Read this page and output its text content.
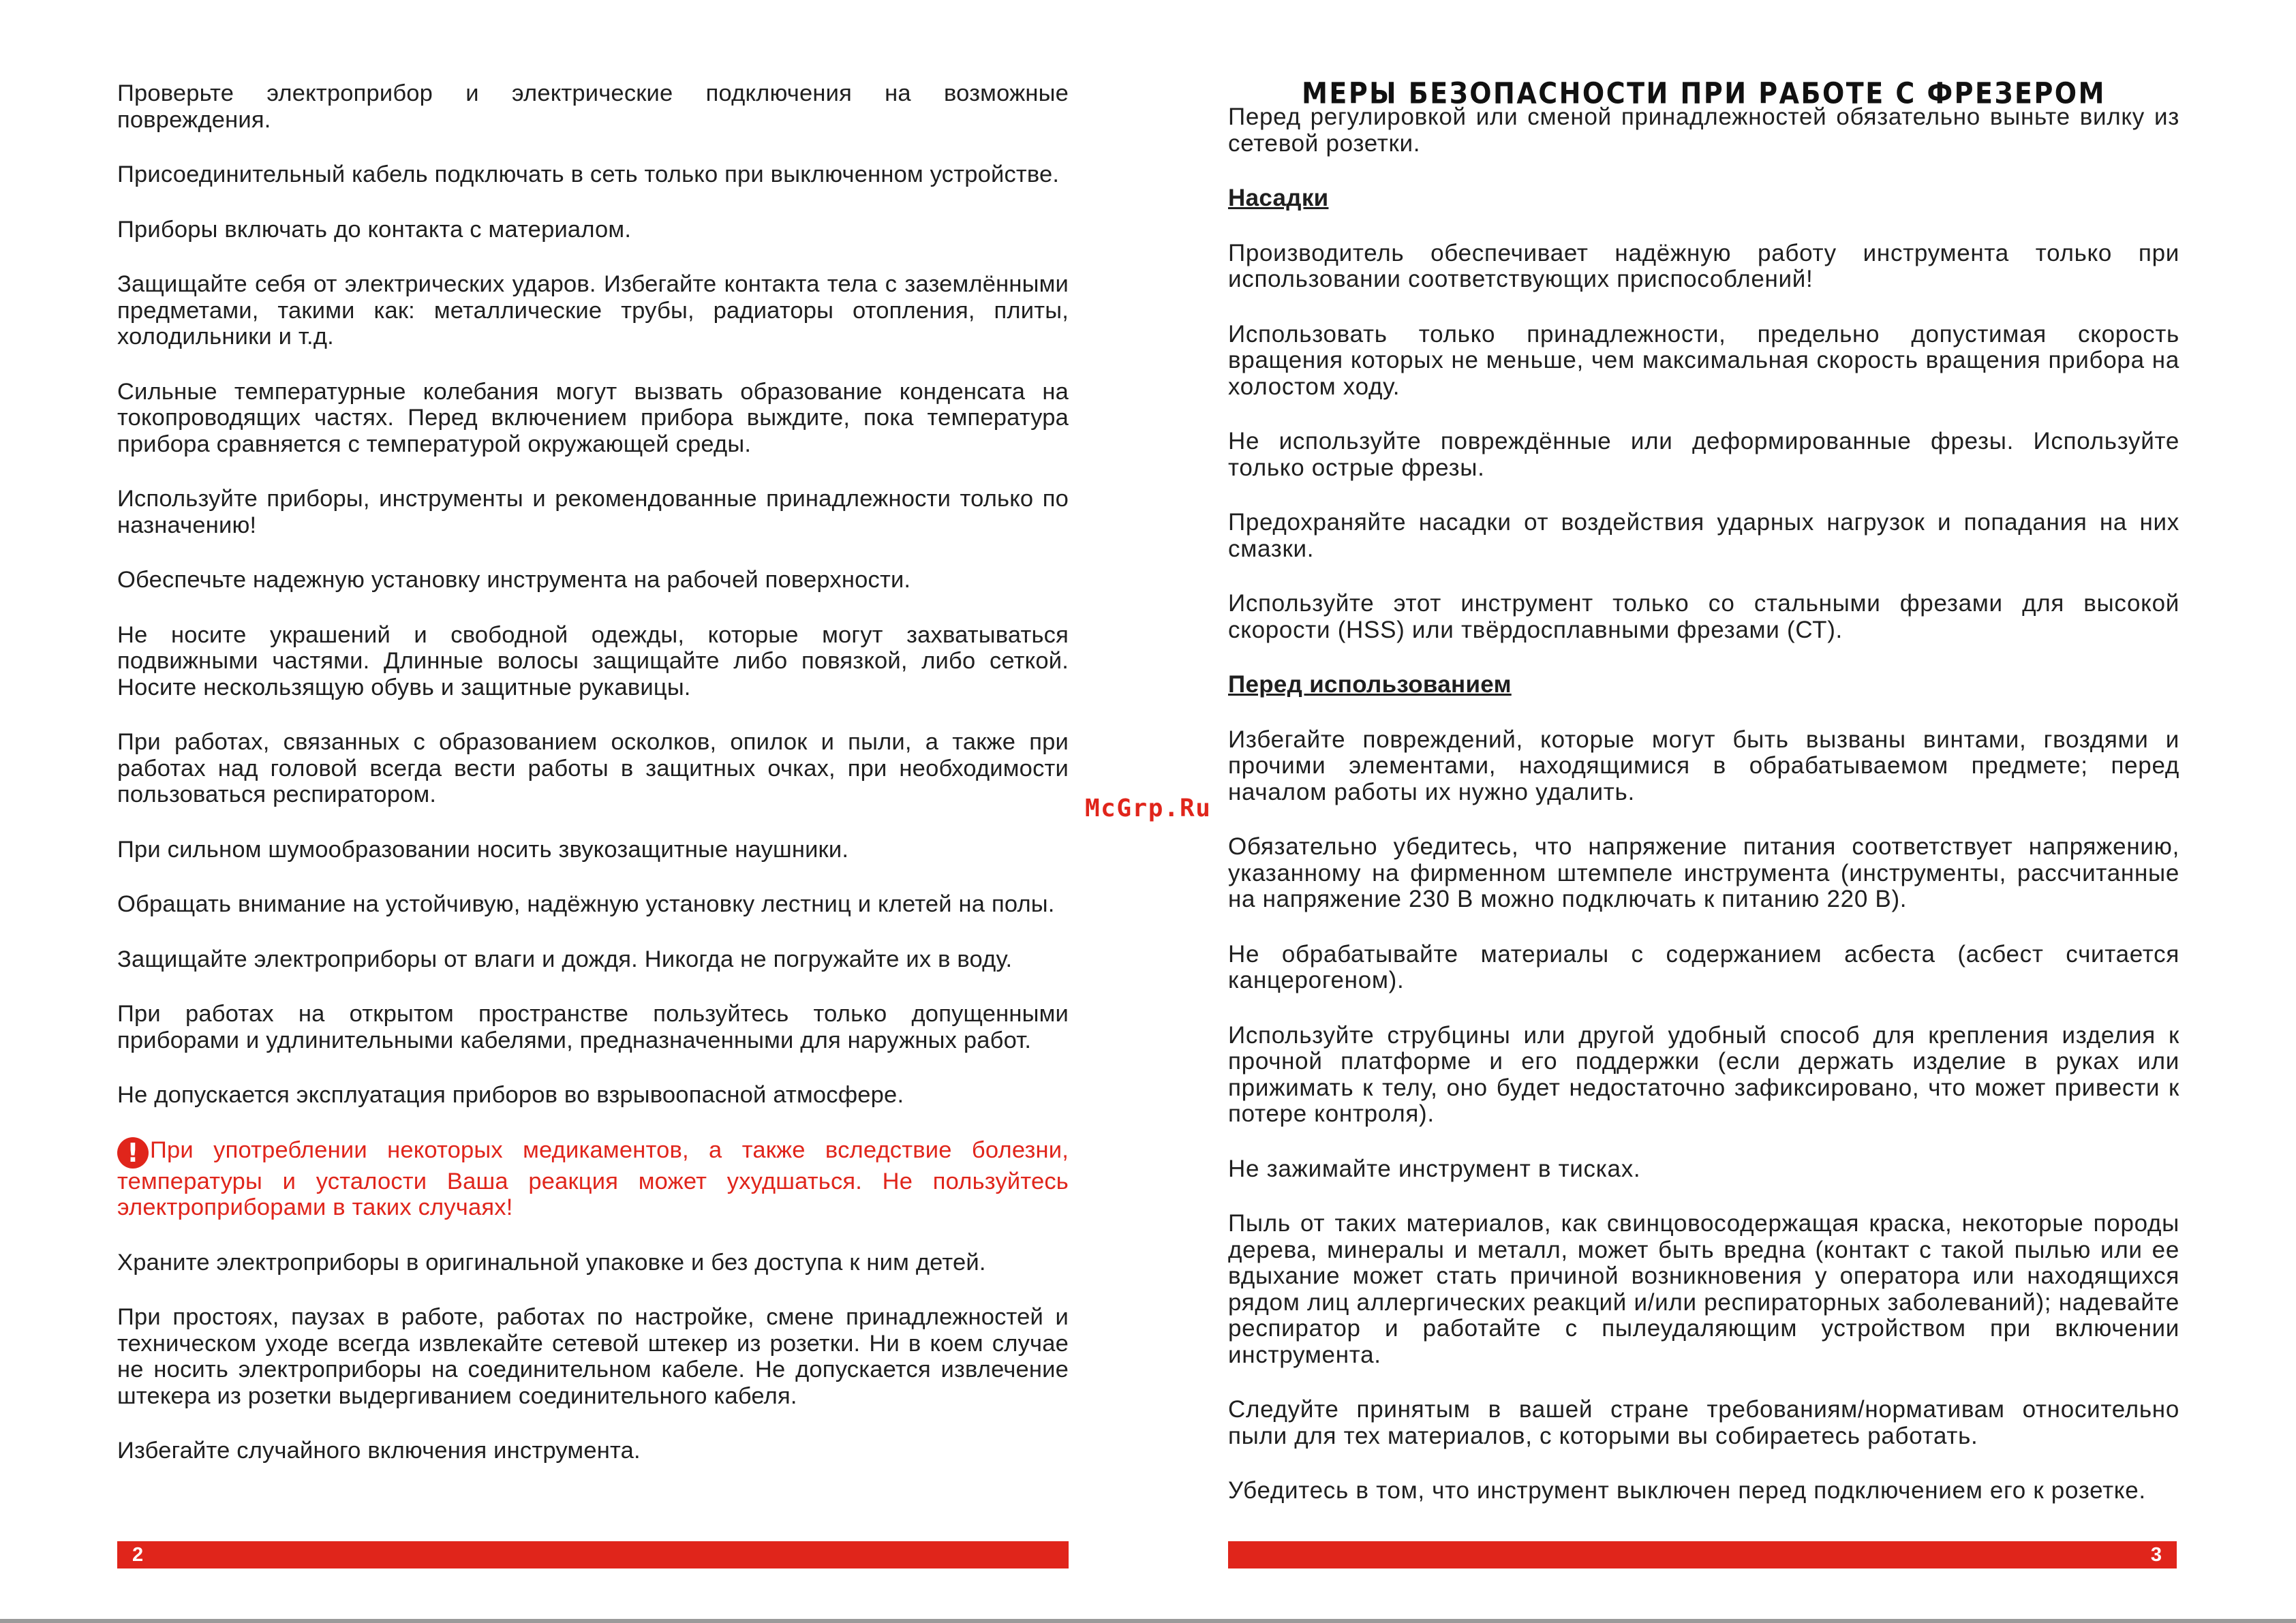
Проверьте электроприбор и электрические подключения на возможные повреждения.

Присоединительный кабель подключать в сеть только при выключенном устройстве.

Приборы включать до контакта с материалом.

Защищайте себя от электрических ударов. Избегайте контакта тела с заземлёнными предметами, такими как: металлические трубы, радиаторы отопления, плиты, холодильники и т.д.

Сильные температурные колебания могут вызвать образование конденсата на токопроводящих частях. Перед включением прибора выждите, пока температура прибора сравняется с температурой окружающей среды.

Используйте приборы, инструменты и рекомендованные принадлежности только по назначению!

Обеспечьте надежную установку инструмента на рабочей поверхности.

Не носите украшений и свободной одежды, которые могут захватываться подвижными частями. Длинные волосы защищайте либо повязкой, либо сеткой. Носите нескользящую обувь и защитные рукавицы.

При работах, связанных с образованием осколков, опилок и пыли, а также при работах над головой всегда вести работы в защитных очках, при необходимости пользоваться респиратором.

При сильном шумообразовании носить звукозащитные наушники.

Обращать внимание на устойчивую, надёжную установку лестниц и клетей на полы.

Защищайте электроприборы от влаги и дождя. Никогда не погружайте их в воду.

При работах на открытом пространстве пользуйтесь только допущенными приборами и удлинительными кабелями, предназначенными для наружных работ.

Не допускается эксплуатация приборов во взрывоопасной атмосфере.

! При употреблении некоторых медикаментов, а также вследствие болезни, температуры и усталости Ваша реакция может ухудшаться. Не пользуйтесь электроприборами в таких случаях!

Храните электроприборы в оригинальной упаковке и без доступа к ним детей.

При простоях, паузах в работе, работах по настройке, смене принадлежностей и техническом уходе всегда извлекайте сетевой штекер из розетки. Ни в коем случае не носить электроприборы на соединительном кабеле. Не допускается извлечение штекера из розетки выдергиванием соединительного кабеля.

Избегайте случайного включения инструмента.

МЕРЫ БЕЗОПАСНОСТИ ПРИ РАБОТЕ С ФРЕЗЕРОМ

Перед регулировкой или сменой принадлежностей обязательно выньте вилку из сетевой розетки.

Насадки

Производитель обеспечивает надёжную работу инструмента только при использовании соответствующих приспособлений!

Использовать только принадлежности, предельно допустимая скорость вращения которых не меньше, чем максимальная скорость вращения прибора на холостом ходу.

Не используйте повреждённые или деформированные фрезы. Используйте только острые фрезы.

Предохраняйте насадки от воздействия ударных нагрузок и попадания на них смазки.

Используйте этот инструмент только со стальными фрезами для высокой скорости (HSS) или твёрдосплавными фрезами (СТ).

Перед использованием

Избегайте повреждений, которые могут быть вызваны винтами, гвоздями и прочими элементами, находящимися в обрабатываемом предмете; перед началом работы их нужно удалить.

Обязательно убедитесь, что напряжение питания соответствует напряжению, указанному на фирменном штемпеле инструмента (инструменты, рассчитанные на напряжение 230 В можно подключать к питанию 220 В).

Не обрабатывайте материалы с содержанием асбеста (асбест считается канцерогеном).

Используйте струбцины или другой удобный способ для крепления изделия к прочной платформе и его поддержки (если держать изделие в руках или прижимать к телу, оно будет недостаточно зафиксировано, что может привести к потере контроля).

Не зажимайте инструмент в тисках.

Пыль от таких материалов, как свинцовосодержащая краска, некоторые породы дерева, минералы и металл, может быть вредна (контакт с такой пылью или ее вдыхание может стать причиной возникновения у оператора или находящихся рядом лиц аллергических реакций и/или респираторных заболеваний); надевайте респиратор и работайте с пылеудаляющим устройством при включении инструмента.

Следуйте принятым в вашей стране требованиям/нормативам относительно пыли для тех материалов, с которыми вы собираетесь работать.

Убедитесь в том, что инструмент выключен перед подключением его к розетке.

McGrp.Ru
2	3
